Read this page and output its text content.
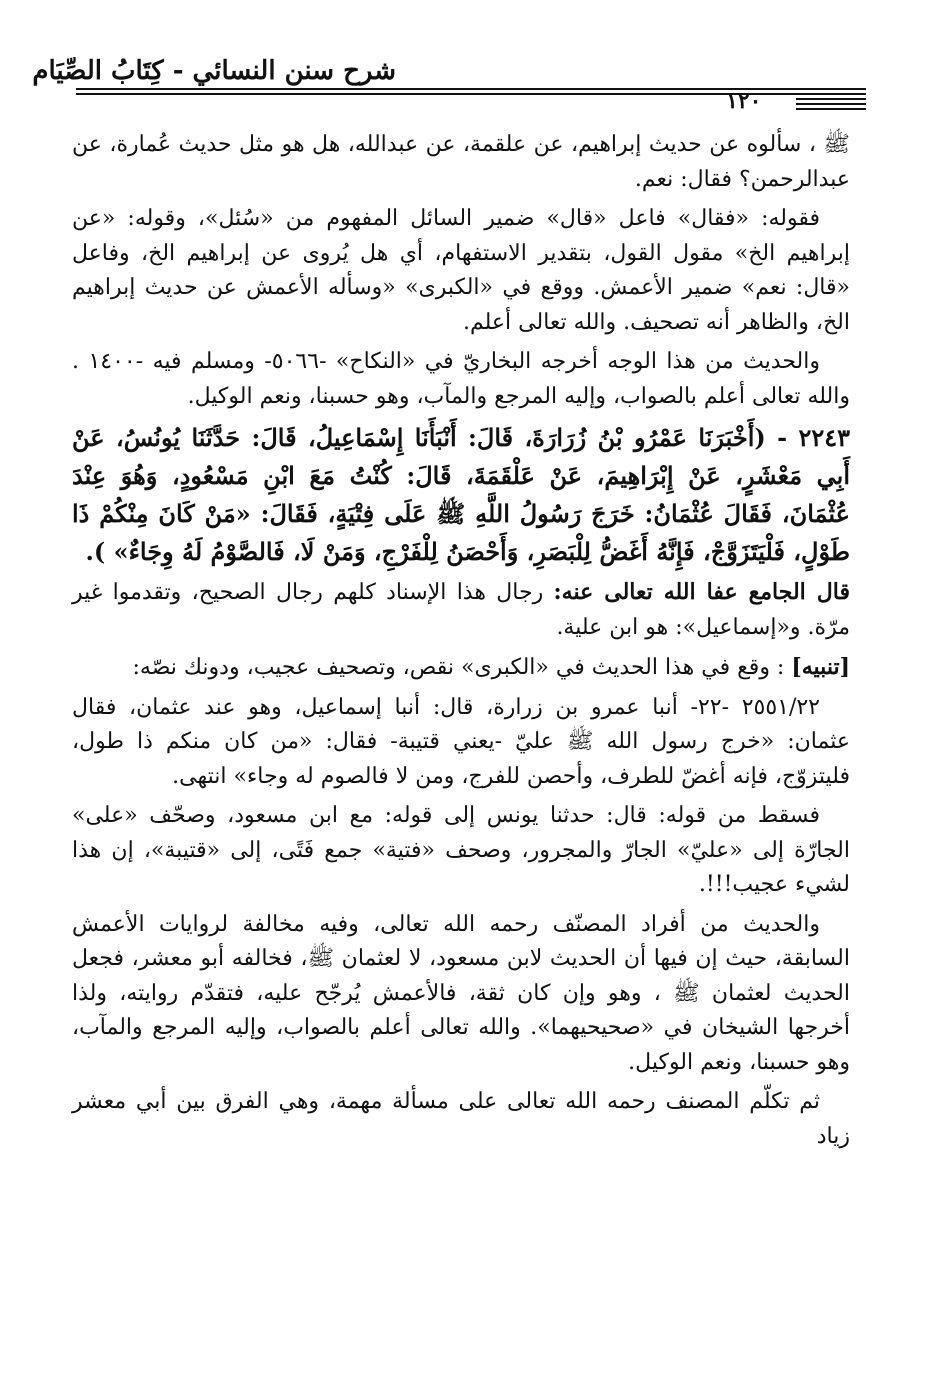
شرح سنن النسائي - كِتَابُ الصِّيَام
١٢٠

ﷺ ، سألوه عن حديث إبراهيم، عن علقمة، عن عبدالله، هل هو مثل حديث عُمارة، عن عبدالرحمن؟ فقال: نعم.

فقوله: «فقال» فاعل «قال» ضمير السائل المفهوم من «سُئل»، وقوله: «عن إبراهيم الخ» مقول القول، بتقدير الاستفهام، أي هل يُروى عن إبراهيم الخ، وفاعل «قال: نعم» ضمير الأعمش. ووقع في «الكبرى» «وسأله الأعمش عن حديث إبراهيم الخ، والظاهر أنه تصحيف. والله تعالى أعلم.

والحديث من هذا الوجه أخرجه البخاريّ في «النكاح» -٥٠٦٦- ومسلم فيه -١٤٠٠ . والله تعالى أعلم بالصواب، وإليه المرجع والمآب، وهو حسبنا، ونعم الوكيل.

٢٢٤٣ - (أَخْبَرَنَا عَمْرُو بْنُ زُرَارَةَ، قَالَ: أَنْبَأَنَا إِسْمَاعِيلُ، قَالَ: حَدَّثَنَا يُونُسُ، عَنْ أَبِي مَعْشَرٍ، عَنْ إِبْرَاهِيمَ، عَنْ عَلْقَمَةَ، قَالَ: كُنْتُ مَعَ ابْنِ مَسْعُودٍ، وَهُوَ عِنْدَ عُثْمَانَ، فَقَالَ عُثْمَانُ: خَرَجَ رَسُولُ اللَّهِ ﷺ عَلَى فِتْيَةٍ، فَقَالَ: «مَنْ كَانَ مِنْكُمْ ذَا طَوْلٍ، فَلْيَتَزَوَّجْ، فَإِنَّهُ أَغَضُّ لِلْبَصَرِ، وَأَحْصَنُ لِلْفَرْجِ، وَمَنْ لَا، فَالصَّوْمُ لَهُ وِجَاءٌ» ).

قال الجامع عفا الله تعالى عنه: رجال هذا الإسناد كلهم رجال الصحيح، وتقدموا غير مرّة. و«إسماعيل»: هو ابن علية.

[تنبيه] : وقع في هذا الحديث في «الكبرى» نقص، وتصحيف عجيب، ودونك نصّه:

٢٥٥١/٢٢ -٢٢- أنبا عمرو بن زرارة، قال: أنبا إسماعيل، وهو عند عثمان، فقال عثمان: «خرج رسول الله ﷺ عليّ -يعني قتيبة- فقال: «من كان منكم ذا طول، فليتزوّج، فإنه أغضّ للطرف، وأحصن للفرج، ومن لا فالصوم له وجاء» انتهى.

فسقط من قوله: قال: حدثنا يونس إلى قوله: مع ابن مسعود، وصحّف «على» الجارّة إلى «عليّ» الجارّ والمجرور، وصحف «فتية» جمع فَتًى، إلى «قتيبة»، إن هذا لشيء عجيب!!!.

والحديث من أفراد المصنّف رحمه الله تعالى، وفيه مخالفة لروايات الأعمش السابقة، حيث إن فيها أن الحديث لابن مسعود، لا لعثمان ﷺ، فخالفه أبو معشر، فجعل الحديث لعثمان ﷺ ، وهو وإن كان ثقة، فالأعمش يُرجّح عليه، فتقدّم روايته، ولذا أخرجها الشيخان في «صحيحيهما». والله تعالى أعلم بالصواب، وإليه المرجع والمآب، وهو حسبنا، ونعم الوكيل.

ثم تكلّم المصنف رحمه الله تعالى على مسألة مهمة، وهي الفرق بين أبي معشر زياد
